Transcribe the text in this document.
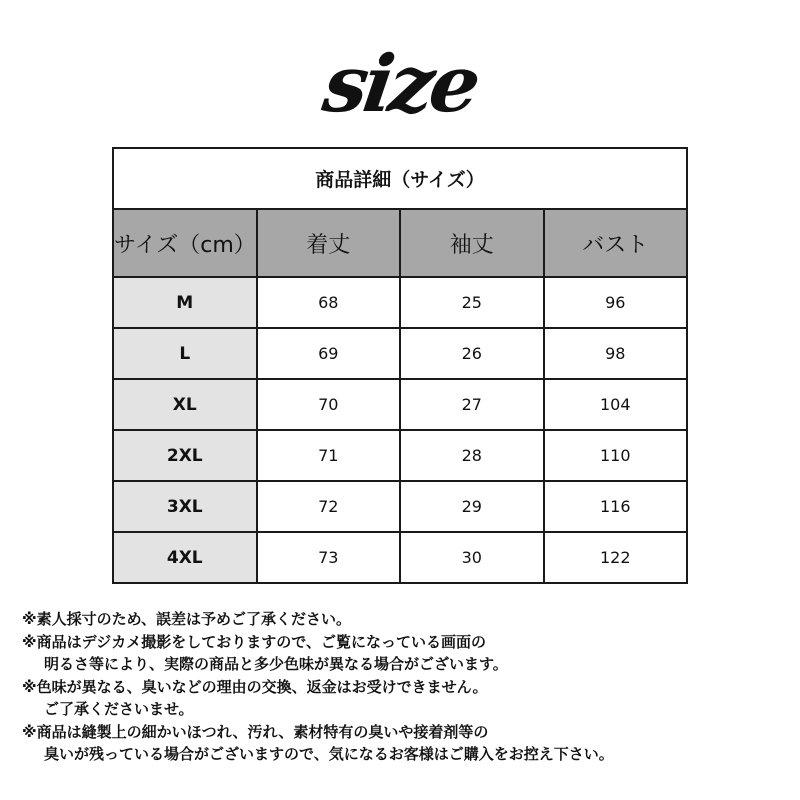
size
商品詳細（サイズ）			
サイズ（cm）	着丈	袖丈	バスト
M	68	25	96
L	69	26	98
XL	70	27	104
2XL	71	28	110
3XL	72	29	116
4XL	73	30	122
※素人採寸のため、誤差は予めご了承ください。
※商品はデジカメ撮影をしておりますので、ご覧になっている画面の
明るさ等により、実際の商品と多少色味が異なる場合がございます。
※色味が異なる、臭いなどの理由の交換、返金はお受けできません。
ご了承くださいませ。
※商品は縫製上の細かいほつれ、汚れ、素材特有の臭いや接着剤等の
臭いが残っている場合がございますので、気になるお客様はご購入をお控え下さい。
